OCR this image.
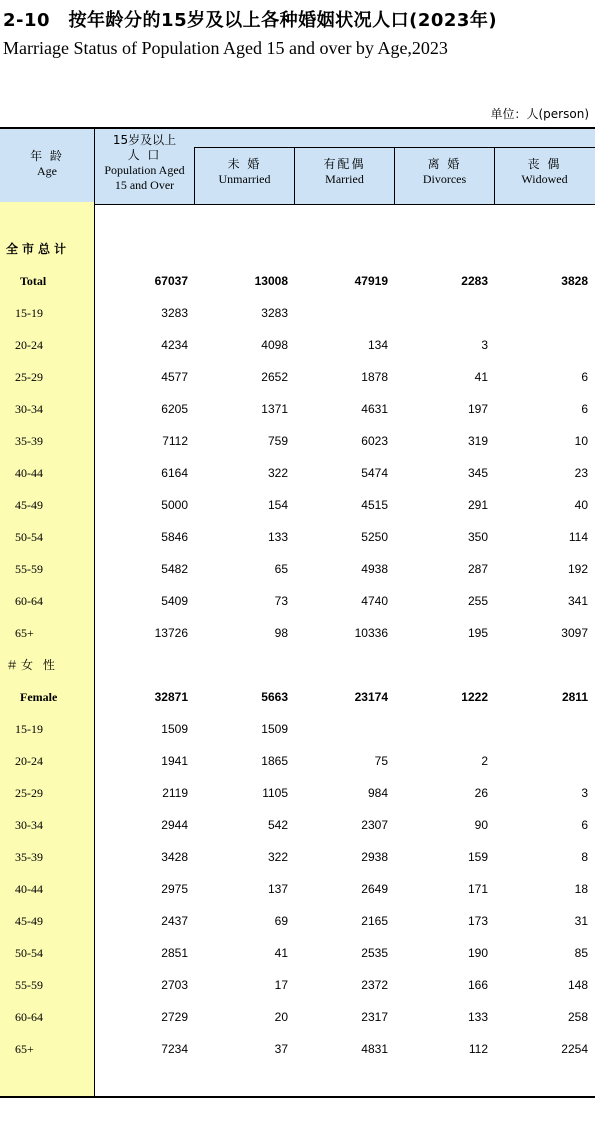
2-10　按年龄分的15岁及以上各种婚姻状况人口(2023年)
Marriage Status of Population Aged 15 and over by Age,2023
单位：人(person)
年 龄
Age
15岁及以上
人 口
Population Aged
15 and Over
未 婚
Unmarried
有配偶
Married
离 婚
Divorces
丧 偶
Widowed
全市总计
Total	67037	13008	47919	2283	3828
15-19	3283	3283
20-24	4234	4098	134	3
25-29	4577	2652	1878	41	6
30-34	6205	1371	4631	197	6
35-39	7112	759	6023	319	10
40-44	6164	322	5474	345	23
45-49	5000	154	4515	291	40
50-54	5846	133	5250	350	114
55-59	5482	65	4938	287	192
60-64	5409	73	4740	255	341
65+	13726	98	10336	195	3097
＃女 性
Female	32871	5663	23174	1222	2811
15-19	1509	1509
20-24	1941	1865	75	2
25-29	2119	1105	984	26	3
30-34	2944	542	2307	90	6
35-39	3428	322	2938	159	8
40-44	2975	137	2649	171	18
45-49	2437	69	2165	173	31
50-54	2851	41	2535	190	85
55-59	2703	17	2372	166	148
60-64	2729	20	2317	133	258
65+	7234	37	4831	112	2254
